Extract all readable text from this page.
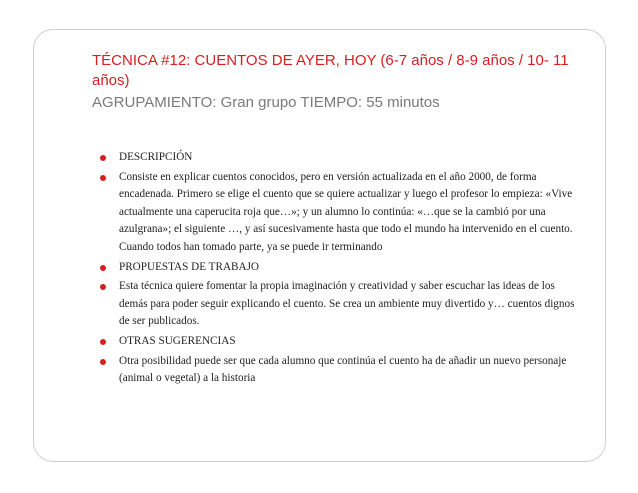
TÉCNICA #12: CUENTOS DE AYER, HOY (6-7 años / 8-9 años / 10- 11 años)

AGRUPAMIENTO: Gran grupo TIEMPO: 55 minutos

DESCRIPCIÓN
Consiste en explicar cuentos conocidos, pero en versión actualizada en el año 2000, de forma encadenada. Primero se elige el cuento que se quiere actualizar y luego el profesor lo empieza: «Vive actualmente una caperucita roja que…»; y un alumno lo continúa: «…que se la cambió por una azulgrana»; el siguiente …, y así sucesivamente hasta que todo el mundo ha intervenido en el cuento. Cuando todos han tomado parte, ya se puede ir terminando
PROPUESTAS DE TRABAJO
Esta técnica quiere fomentar la propia imaginación y creatividad y saber escuchar las ideas de los demás para poder seguir explicando el cuento. Se crea un ambiente muy divertido y… cuentos dignos de ser publicados.
OTRAS SUGERENCIAS
Otra posibilidad puede ser que cada alumno que continúa el cuento ha de añadir un nuevo personaje (animal o vegetal) a la historia
